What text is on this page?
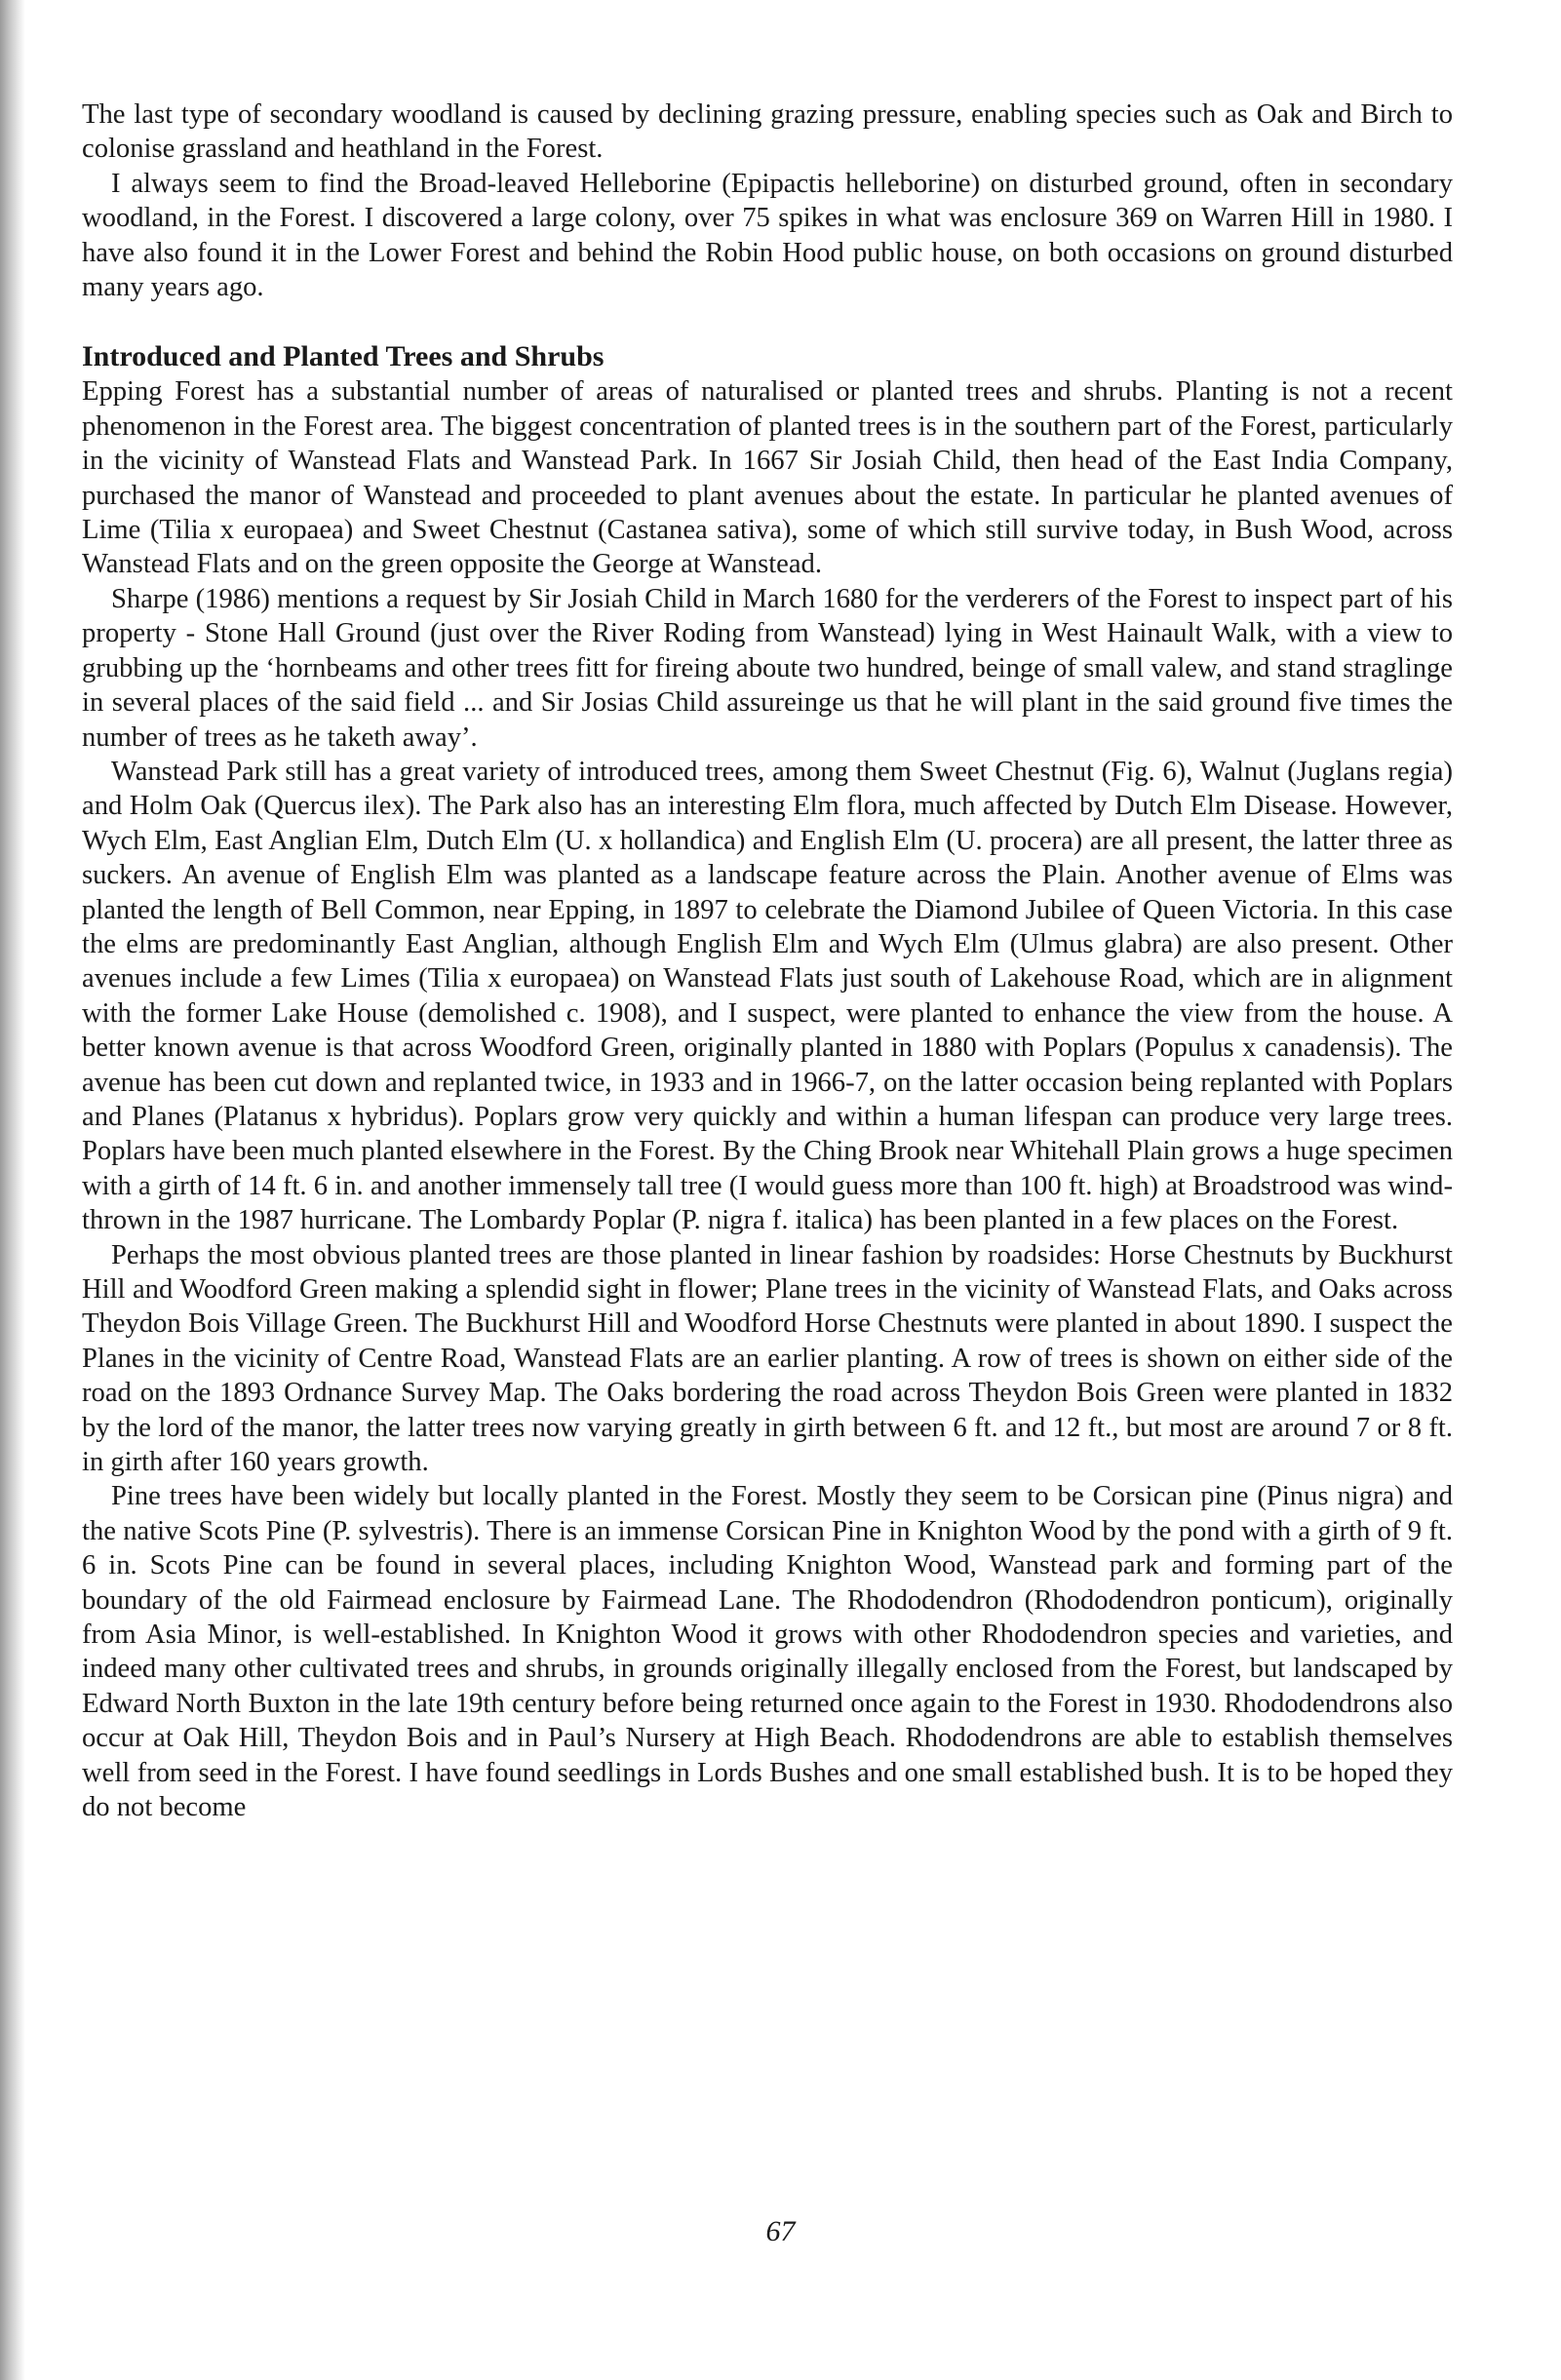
The last type of secondary woodland is caused by declining grazing pressure, enabling species such as Oak and Birch to colonise grassland and heathland in the Forest.

I always seem to find the Broad-leaved Helleborine (Epipactis helleborine) on disturbed ground, often in secondary woodland, in the Forest. I discovered a large colony, over 75 spikes in what was enclosure 369 on Warren Hill in 1980. I have also found it in the Lower Forest and behind the Robin Hood public house, on both occasions on ground disturbed many years ago.

Introduced and Planted Trees and Shrubs

Epping Forest has a substantial number of areas of naturalised or planted trees and shrubs. Planting is not a recent phenomenon in the Forest area. The biggest concentration of planted trees is in the southern part of the Forest, particularly in the vicinity of Wanstead Flats and Wanstead Park. In 1667 Sir Josiah Child, then head of the East India Company, purchased the manor of Wanstead and proceeded to plant avenues about the estate. In particular he planted avenues of Lime (Tilia x europaea) and Sweet Chestnut (Castanea sativa), some of which still survive today, in Bush Wood, across Wanstead Flats and on the green opposite the George at Wanstead.

Sharpe (1986) mentions a request by Sir Josiah Child in March 1680 for the verderers of the Forest to inspect part of his property - Stone Hall Ground (just over the River Roding from Wanstead) lying in West Hainault Walk, with a view to grubbing up the ‘hornbeams and other trees fitt for fireing aboute two hundred, beinge of small valew, and stand straglinge in several places of the said field ... and Sir Josias Child assureinge us that he will plant in the said ground five times the number of trees as he taketh away’.

Wanstead Park still has a great variety of introduced trees, among them Sweet Chestnut (Fig. 6), Walnut (Juglans regia) and Holm Oak (Quercus ilex). The Park also has an interesting Elm flora, much affected by Dutch Elm Disease. However, Wych Elm, East Anglian Elm, Dutch Elm (U. x hollandica) and English Elm (U. procera) are all present, the latter three as suckers. An avenue of English Elm was planted as a landscape feature across the Plain. Another avenue of Elms was planted the length of Bell Common, near Epping, in 1897 to celebrate the Diamond Jubilee of Queen Victoria. In this case the elms are predominantly East Anglian, although English Elm and Wych Elm (Ulmus glabra) are also present. Other avenues include a few Limes (Tilia x europaea) on Wanstead Flats just south of Lakehouse Road, which are in alignment with the former Lake House (demolished c. 1908), and I suspect, were planted to enhance the view from the house. A better known avenue is that across Woodford Green, originally planted in 1880 with Poplars (Populus x canadensis). The avenue has been cut down and replanted twice, in 1933 and in 1966-7, on the latter occasion being replanted with Poplars and Planes (Platanus x hybridus). Poplars grow very quickly and within a human lifespan can produce very large trees. Poplars have been much planted elsewhere in the Forest. By the Ching Brook near Whitehall Plain grows a huge specimen with a girth of 14 ft. 6 in. and another immensely tall tree (I would guess more than 100 ft. high) at Broadstrood was wind-thrown in the 1987 hurricane. The Lombardy Poplar (P. nigra f. italica) has been planted in a few places on the Forest.

Perhaps the most obvious planted trees are those planted in linear fashion by roadsides: Horse Chestnuts by Buckhurst Hill and Woodford Green making a splendid sight in flower; Plane trees in the vicinity of Wanstead Flats, and Oaks across Theydon Bois Village Green. The Buckhurst Hill and Woodford Horse Chestnuts were planted in about 1890. I suspect the Planes in the vicinity of Centre Road, Wanstead Flats are an earlier planting. A row of trees is shown on either side of the road on the 1893 Ordnance Survey Map. The Oaks bordering the road across Theydon Bois Green were planted in 1832 by the lord of the manor, the latter trees now varying greatly in girth between 6 ft. and 12 ft., but most are around 7 or 8 ft. in girth after 160 years growth.

Pine trees have been widely but locally planted in the Forest. Mostly they seem to be Corsican pine (Pinus nigra) and the native Scots Pine (P. sylvestris). There is an immense Corsican Pine in Knighton Wood by the pond with a girth of 9 ft. 6 in. Scots Pine can be found in several places, including Knighton Wood, Wanstead park and forming part of the boundary of the old Fairmead enclosure by Fairmead Lane. The Rhododendron (Rhododendron ponticum), originally from Asia Minor, is well-established. In Knighton Wood it grows with other Rhododendron species and varieties, and indeed many other cultivated trees and shrubs, in grounds originally illegally enclosed from the Forest, but landscaped by Edward North Buxton in the late 19th century before being returned once again to the Forest in 1930. Rhododendrons also occur at Oak Hill, Theydon Bois and in Paul’s Nursery at High Beach. Rhododendrons are able to establish themselves well from seed in the Forest. I have found seedlings in Lords Bushes and one small established bush. It is to be hoped they do not become

67
